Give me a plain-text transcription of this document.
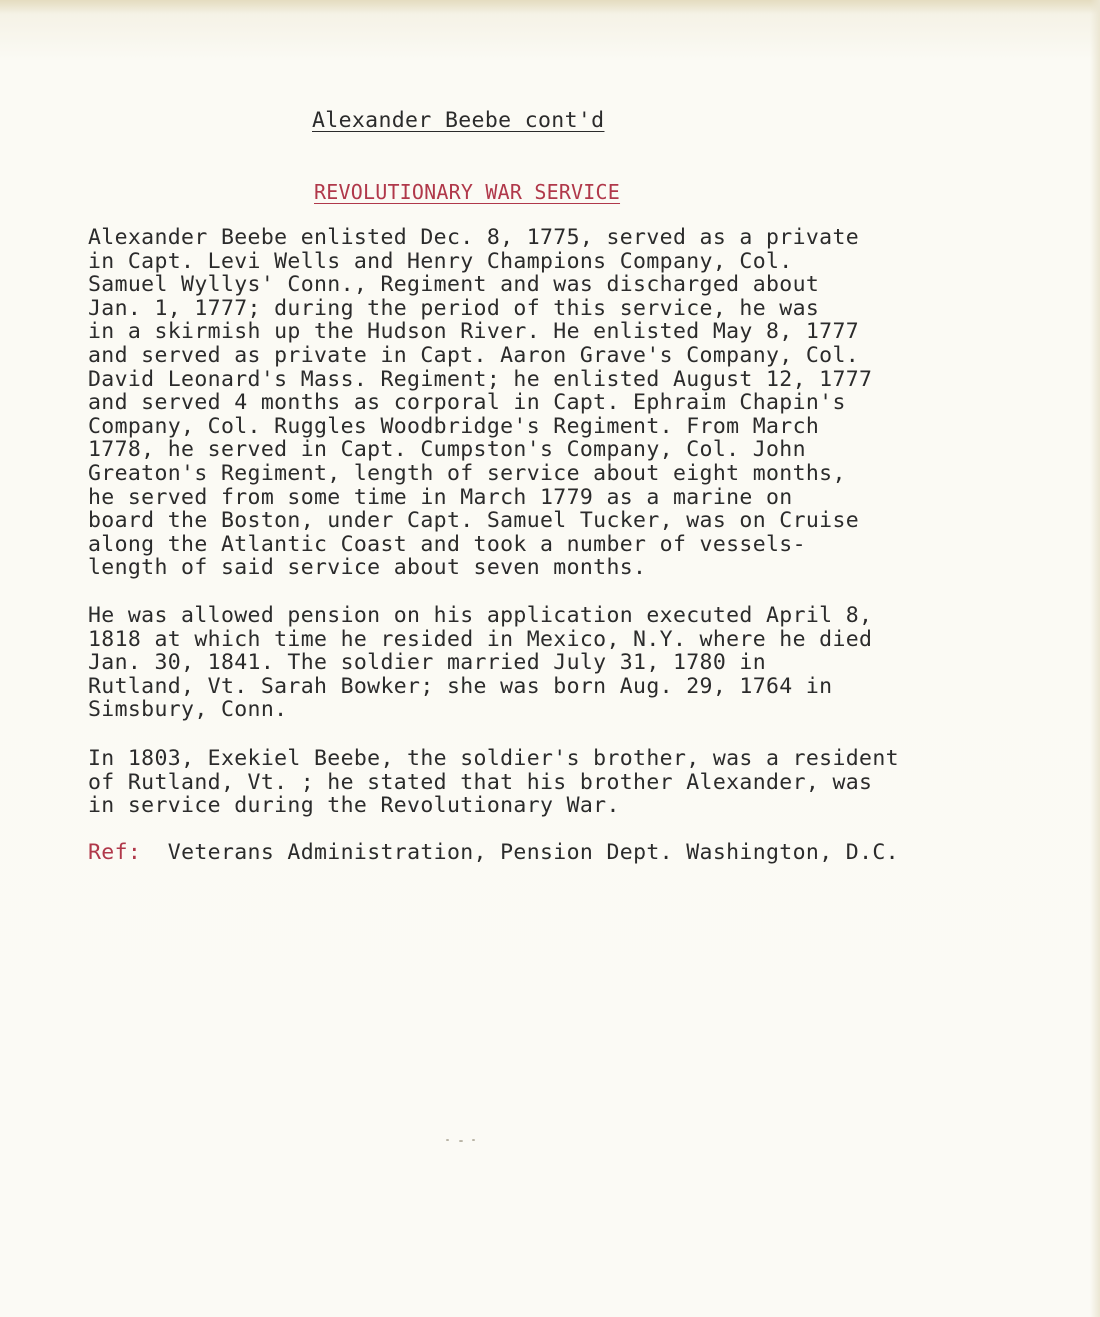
Alexander Beebe cont'd
REVOLUTIONARY WAR SERVICE
Alexander Beebe enlisted Dec. 8, 1775, served as a private
in Capt. Levi Wells and Henry Champions Company, Col.
Samuel Wyllys' Conn., Regiment and was discharged about
Jan. 1, 1777; during the period of this service, he was
in a skirmish up the Hudson River. He enlisted May 8, 1777
and served as private in Capt. Aaron Grave's Company, Col.
David Leonard's Mass. Regiment; he enlisted August 12, 1777
and served 4 months as corporal in Capt. Ephraim Chapin's
Company, Col. Ruggles Woodbridge's Regiment. From March
1778, he served in Capt. Cumpston's Company, Col. John
Greaton's Regiment, length of service about eight months,
he served from some time in March 1779 as a marine on
board the Boston, under Capt. Samuel Tucker, was on Cruise
along the Atlantic Coast and took a number of vessels-
length of said service about seven months.
He was allowed pension on his application executed April 8,
1818 at which time he resided in Mexico, N.Y. where he died
Jan. 30, 1841. The soldier married July 31, 1780 in
Rutland, Vt. Sarah Bowker; she was born Aug. 29, 1764 in
Simsbury, Conn.
In 1803, Exekiel Beebe, the soldier's brother, was a resident
of Rutland, Vt. ; he stated that his brother Alexander, was
in service during the Revolutionary War.
Ref: Veterans Administration, Pension Dept. Washington, D.C.
